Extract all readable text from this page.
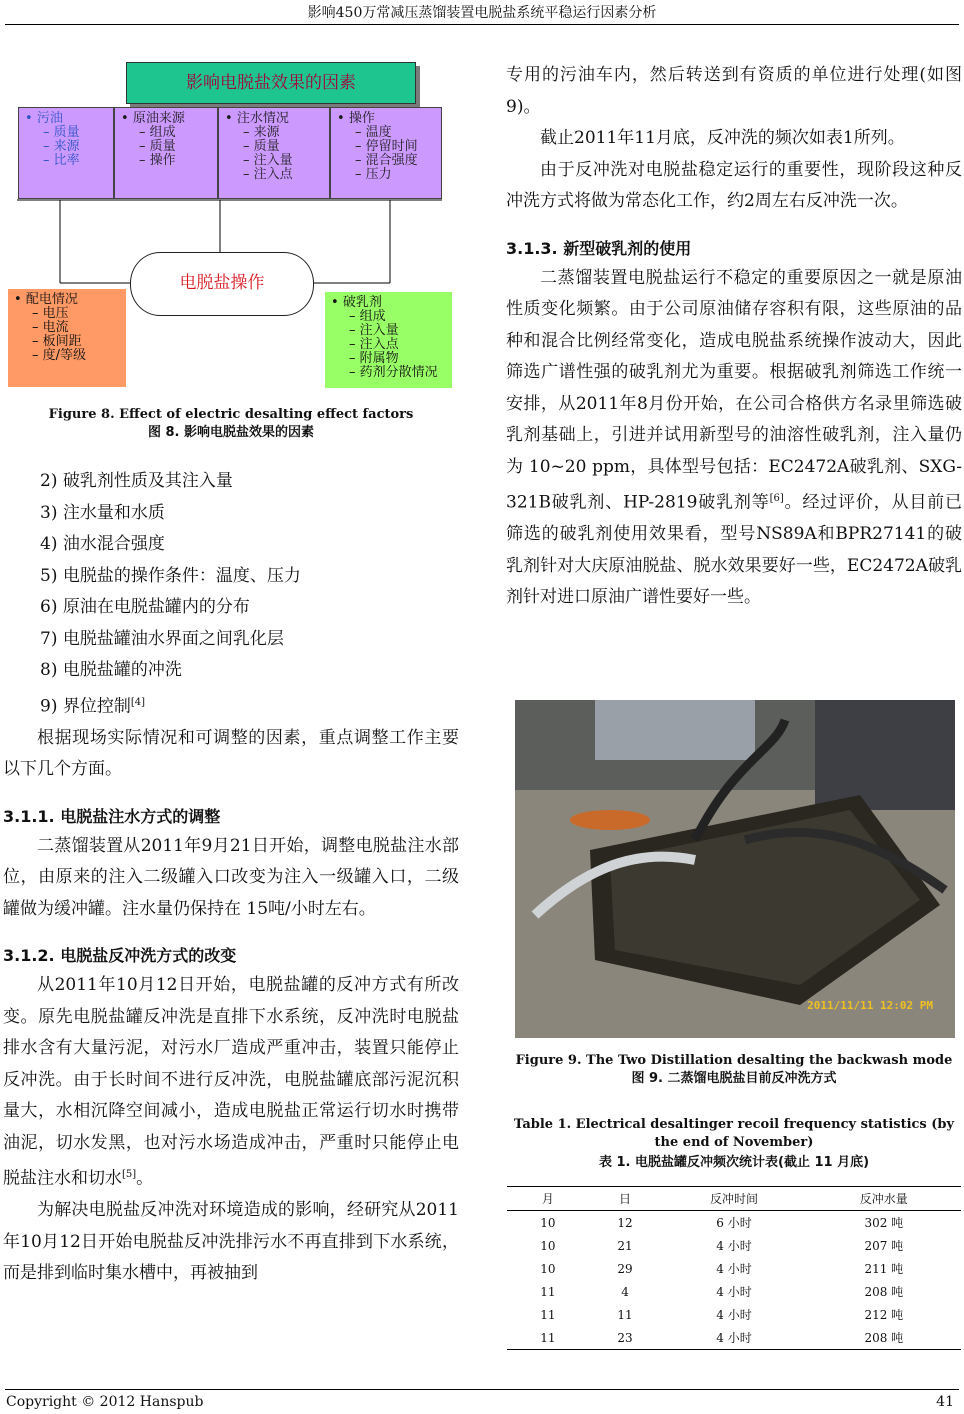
影响450万常减压蒸馏装置电脱盐系统平稳运行因素分析
影响电脱盐效果的因素
• 污油
– 质量
– 来源
– 比率
• 原油来源
– 组成
– 质量
– 操作
• 注水情况
– 来源
– 质量
– 注入量
– 注入点
• 操作
– 温度
– 停留时间
– 混合强度
– 压力
电脱盐操作
• 配电情况
– 电压
– 电流
– 板间距
– 度/等级
• 破乳剂
– 组成
– 注入量
– 注入点
– 附属物
– 药剂分散情况
Figure 8. Effect of electric desalting effect factors
图 8. 影响电脱盐效果的因素
2) 破乳剂性质及其注入量
3) 注水量和水质
4) 油水混合强度
5) 电脱盐的操作条件：温度、压力
6) 原油在电脱盐罐内的分布
7) 电脱盐罐油水界面之间乳化层
8) 电脱盐罐的冲洗
9) 界位控制[4]

根据现场实际情况和可调整的因素，重点调整工作主要以下几个方面。

3.1.1. 电脱盐注水方式的调整

二蒸馏装置从2011年9月21日开始，调整电脱盐注水部位，由原来的注入二级罐入口改变为注入一级罐入口，二级罐做为缓冲罐。注水量仍保持在 15吨/小时左右。

3.1.2. 电脱盐反冲洗方式的改变

从2011年10月12日开始，电脱盐罐的反冲方式有所改变。原先电脱盐罐反冲洗是直排下水系统，反冲洗时电脱盐排水含有大量污泥，对污水厂造成严重冲击，装置只能停止反冲洗。由于长时间不进行反冲洗，电脱盐罐底部污泥沉积量大，水相沉降空间减小，造成电脱盐正常运行切水时携带油泥，切水发黑，也对污水场造成冲击，严重时只能停止电脱盐注水和切水[5]。

为解决电脱盐反冲洗对环境造成的影响，经研究从2011年10月12日开始电脱盐反冲洗排污水不再直排到下水系统，而是排到临时集水槽中，再被抽到

专用的污油车内，然后转送到有资质的单位进行处理(如图9)。

截止2011年11月底，反冲洗的频次如表1所列。

由于反冲洗对电脱盐稳定运行的重要性，现阶段这种反冲洗方式将做为常态化工作，约2周左右反冲洗一次。

3.1.3. 新型破乳剂的使用

二蒸馏装置电脱盐运行不稳定的重要原因之一就是原油性质变化频繁。由于公司原油储存容积有限，这些原油的品种和混合比例经常变化，造成电脱盐系统操作波动大，因此筛选广谱性强的破乳剂尤为重要。根据破乳剂筛选工作统一安排，从2011年8月份开始，在公司合格供方名录里筛选破乳剂基础上，引进并试用新型号的油溶性破乳剂，注入量仍为 10~20 ppm，具体型号包括：EC2472A破乳剂、SXG-321B破乳剂、HP-2819破乳剂等[6]。经过评价，从目前已筛选的破乳剂使用效果看，型号NS89A和BPR27141的破乳剂针对大庆原油脱盐、脱水效果要好一些，EC2472A破乳剂针对进口原油广谱性要好一些。

2011/11/11 12:02 PM
Figure 9. The Two Distillation desalting the backwash mode
图 9. 二蒸馏电脱盐目前反冲洗方式
Table 1. Electrical desaltinger recoil frequency statistics (by the end of November)
表 1. 电脱盐罐反冲频次统计表(截止 11 月底)
月	日	反冲时间	反冲水量
10	12	6 小时	302 吨
10	21	4 小时	207 吨
10	29	4 小时	211 吨
11	4	4 小时	208 吨
11	11	4 小时	212 吨
11	23	4 小时	208 吨
Copyright © 2012 Hanspub	41
